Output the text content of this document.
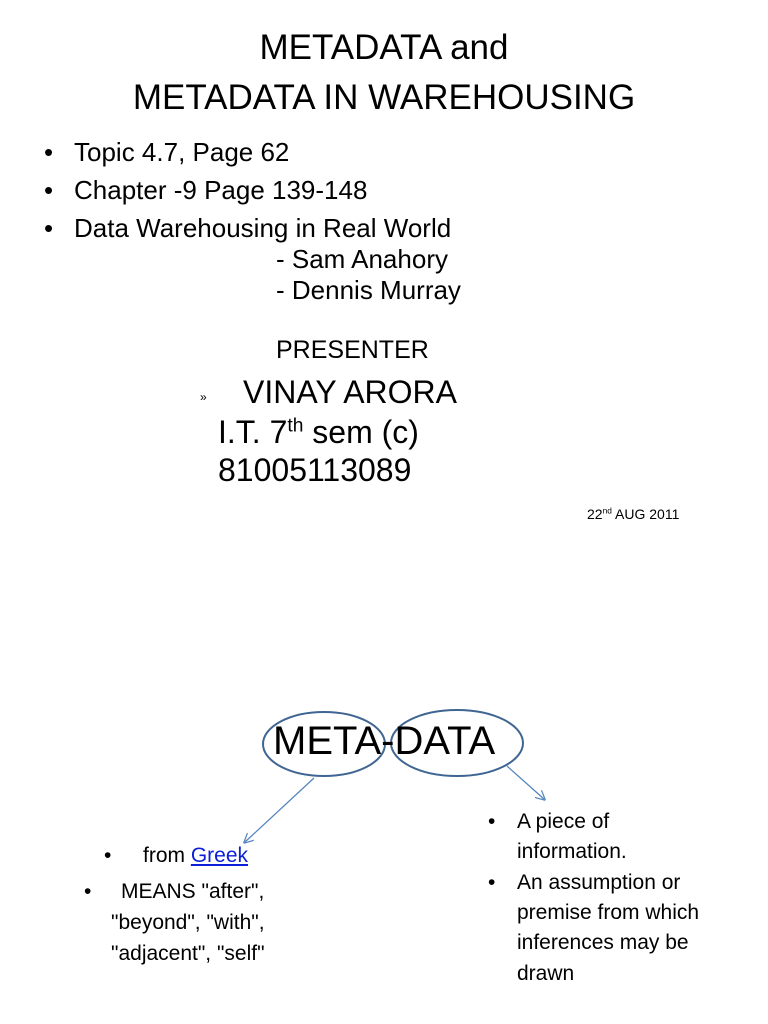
METADATA and
METADATA IN WAREHOUSING
• Topic 4.7, Page 62
• Chapter -9 Page 139-148
• Data Warehousing in Real World
- Sam Anahory
- Dennis Murray
PRESENTER
» VINAY ARORA
I.T. 7th sem (c)
81005113089
22nd AUG 2011
META-DATA
• from Greek
• MEANS "after",
"beyond", "with",
"adjacent", "self"
• A piece of
information.
• An assumption or
premise from which
inferences may be
drawn
